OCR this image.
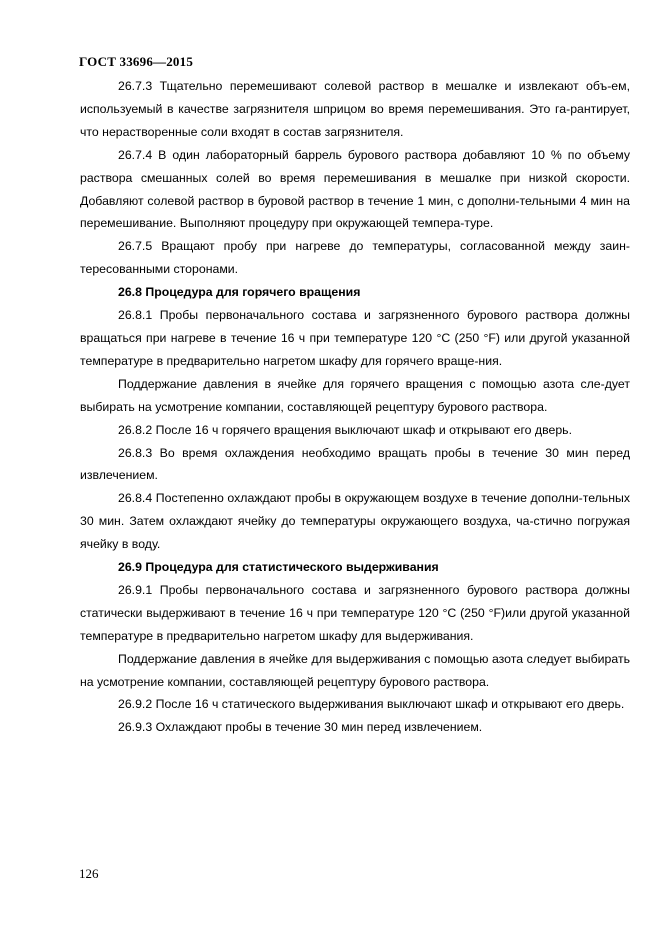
ГОСТ 33696—2015

26.7.3 Тщательно перемешивают солевой раствор в мешалке и извлекают объ-ем, используемый в качестве загрязнителя шприцом во время перемешивания. Это га-рантирует, что нерастворенные соли входят в состав загрязнителя.

26.7.4 В один лабораторный баррель бурового раствора добавляют 10 % по объему раствора смешанных солей во время перемешивания в мешалке при низкой скорости. Добавляют солевой раствор в буровой раствор в течение 1 мин, с дополни-тельными 4 мин на перемешивание. Выполняют процедуру при окружающей темпера-туре.

26.7.5 Вращают пробу при нагреве до температуры, согласованной между заин-тересованными сторонами.

26.8 Процедура для горячего вращения

26.8.1 Пробы первоначального состава и загрязненного бурового раствора должны вращаться при нагреве в течение 16 ч при температуре 120 °C (250 °F) или другой указанной температуре в предварительно нагретом шкафу для горячего враще-ния.

Поддержание давления в ячейке для горячего вращения с помощью азота сле-дует выбирать на усмотрение компании, составляющей рецептуру бурового раствора.

26.8.2 После 16 ч горячего вращения выключают шкаф и открывают его дверь.

26.8.3 Во время охлаждения необходимо вращать пробы в течение 30 мин перед извлечением.

26.8.4 Постепенно охлаждают пробы в окружающем воздухе в течение дополни-тельных 30 мин. Затем охлаждают ячейку до температуры окружающего воздуха, ча-стично погружая ячейку в воду.

26.9 Процедура для статистического выдерживания

26.9.1 Пробы первоначального состава и загрязненного бурового раствора должны статически выдерживают в течение 16 ч при температуре 120 °C (250 °F)или другой указанной температуре в предварительно нагретом шкафу для выдерживания.

Поддержание давления в ячейке для выдерживания с помощью азота следует выбирать на усмотрение компании, составляющей рецептуру бурового раствора.

26.9.2 После 16 ч статического выдерживания выключают шкаф и открывают его дверь.

26.9.3 Охлаждают пробы в течение 30 мин перед извлечением.

126
